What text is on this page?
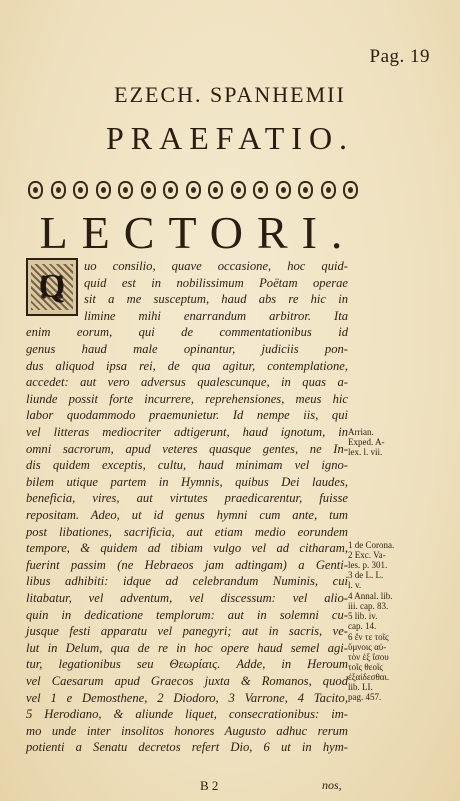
Pag. 19
EZECH. SPANHEMII
PRAEFATIO.
LECTORI.
Q
uo consilio, quave occasione, hoc quid-
quid est in nobilissimum Poëtam operae
sit a me susceptum, haud abs re hic in
limine mihi enarrandum arbitror. Ita
enim eorum, qui de commentationibus id
genus haud male opinantur, judiciis pon-
dus aliquod ipsa rei, de qua agitur, contemplatione,
accedet: aut vero adversus qualescunque, in quas a-
liunde possit forte incurrere, reprehensiones, meus hic
labor quodammodo praemunietur. Id nempe iis, qui
vel litteras mediocriter adtigerunt, haud ignotum, in
omni sacrorum, apud veteres quasque gentes, ne In-
dis quidem exceptis, cultu, haud minimam vel igno-
bilem utique partem in Hymnis, quibus Dei laudes,
beneficia, vires, aut virtutes praedicarentur, fuisse
repositam. Adeo, ut id genus hymni cum ante, tum
post libationes, sacrificia, aut etiam medio eorundem
tempore, & quidem ad tibiam vulgo vel ad citharam,
fuerint passim (ne Hebraeos jam adtingam) a Genti-
libus adhibiti: idque ad celebrandum Numinis, cui
litabatur, vel adventum, vel discessum: vel alio-
quin in dedicatione templorum: aut in solemni cu-
jusque festi apparatu vel panegyri; aut in sacris, ve-
lut in Delum, qua de re in hoc opere haud semel agi-
tur, legationibus seu Θεωρίαις. Adde, in Heroum
vel Caesarum apud Graecos juxta & Romanos, quod
vel 1 e Demosthene, 2 Diodoro, 3 Varrone, 4 Tacito,
5 Herodiano, & aliunde liquet, consecrationibus: im-
mo unde inter insolitos honores Augusto adhuc rerum
potienti a Senatu decretos refert Dio, 6 ut in hym-
Arrian.
Exped. A-
lex. l. vii.
1 de Corona.
2 Exc. Va-
les. p. 301.
3 de L. L.
l. v.
4 Annal. lib.
iii. cap. 83.
5 lib. iv.
cap. 14.
6 ἔν τε τοῖς
ὕμνοις αὐ-
τὸν ἐξ ἴσου
τοῖς θεοῖς
ἐξαίδεσθαι.
lib. LI.
pag. 457.
B 2	nos,
